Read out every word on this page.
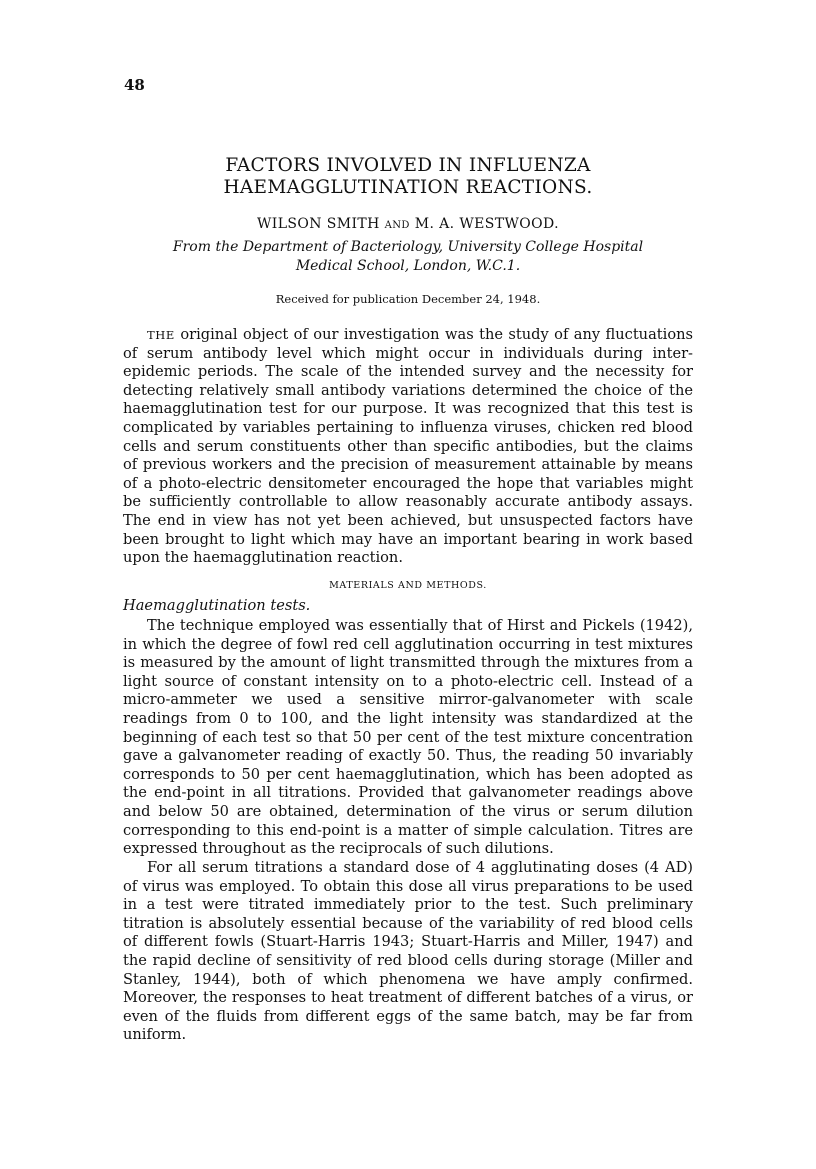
48
FACTORS INVOLVED IN INFLUENZA HAEMAGGLUTINATION REACTIONS.
WILSON SMITH AND M. A. WESTWOOD.
From the Department of Bacteriology, University College Hospital Medical School, London, W.C.1.
Received for publication December 24, 1948.

THE original object of our investigation was the study of any fluctuations of serum antibody level which might occur in individuals during inter-epidemic periods. The scale of the intended survey and the necessity for detecting relatively small antibody variations determined the choice of the haemagglutination test for our purpose. It was recognized that this test is complicated by variables pertaining to influenza viruses, chicken red blood cells and serum constituents other than specific antibodies, but the claims of previous workers and the precision of measurement attainable by means of a photo-electric densitometer encouraged the hope that variables might be sufficiently controllable to allow reasonably accurate antibody assays. The end in view has not yet been achieved, but unsuspected factors have been brought to light which may have an important bearing in work based upon the haemagglutination reaction.

MATERIALS AND METHODS.
Haemagglutination tests.

The technique employed was essentially that of Hirst and Pickels (1942), in which the degree of fowl red cell agglutination occurring in test mixtures is measured by the amount of light transmitted through the mixtures from a light source of constant intensity on to a photo-electric cell. Instead of a micro-ammeter we used a sensitive mirror-galvanometer with scale readings from 0 to 100, and the light intensity was standardized at the beginning of each test so that 50 per cent of the test mixture concentration gave a galvanometer reading of exactly 50. Thus, the reading 50 invariably corresponds to 50 per cent haemagglutination, which has been adopted as the end-point in all titrations. Provided that galvanometer readings above and below 50 are obtained, determination of the virus or serum dilution corresponding to this end-point is a matter of simple calculation. Titres are expressed throughout as the reciprocals of such dilutions.

For all serum titrations a standard dose of 4 agglutinating doses (4 AD) of virus was employed. To obtain this dose all virus preparations to be used in a test were titrated immediately prior to the test. Such preliminary titration is absolutely essential because of the variability of red blood cells of different fowls (Stuart-Harris 1943; Stuart-Harris and Miller, 1947) and the rapid decline of sensitivity of red blood cells during storage (Miller and Stanley, 1944), both of which phenomena we have amply confirmed. Moreover, the responses to heat treatment of different batches of a virus, or even of the fluids from different eggs of the same batch, may be far from uniform.
